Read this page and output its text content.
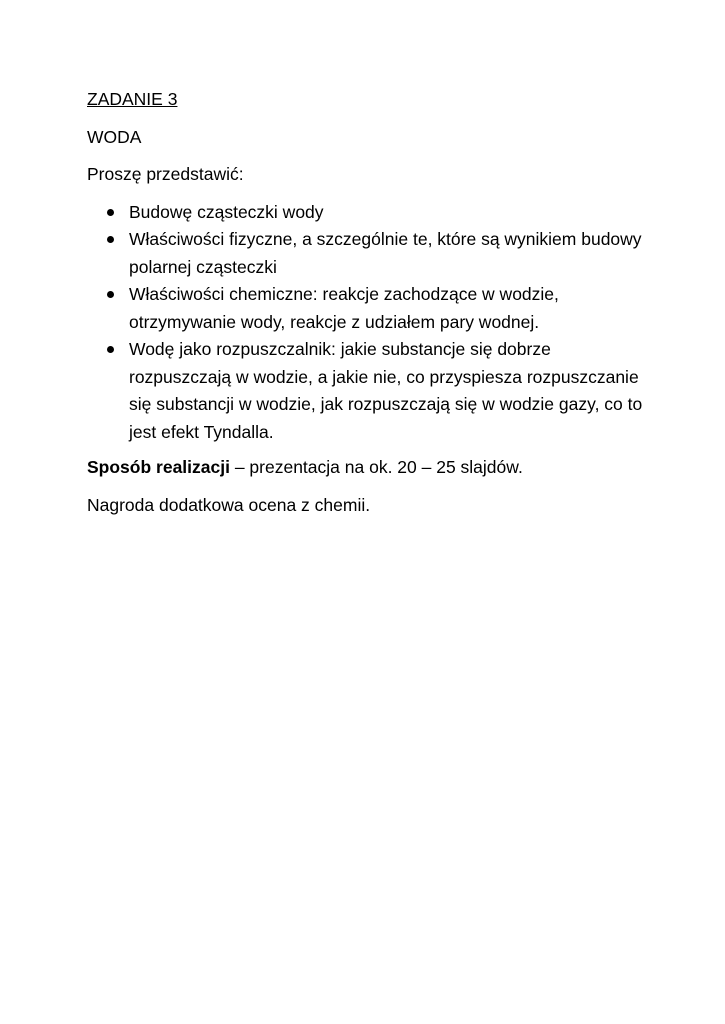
ZADANIE 3

WODA

Proszę przedstawić:

Budowę cząsteczki wody
Właściwości fizyczne, a szczególnie te, które są wynikiem budowy polarnej cząsteczki
Właściwości chemiczne: reakcje zachodzące w wodzie, otrzymywanie wody, reakcje z udziałem pary wodnej.
Wodę jako rozpuszczalnik: jakie substancje się dobrze rozpuszczają w wodzie, a jakie nie, co przyspiesza rozpuszczanie się substancji w wodzie, jak rozpuszczają się w wodzie gazy, co to jest efekt Tyndalla.

Sposób realizacji – prezentacja na ok. 20 – 25 slajdów.

Nagroda dodatkowa ocena z chemii.
